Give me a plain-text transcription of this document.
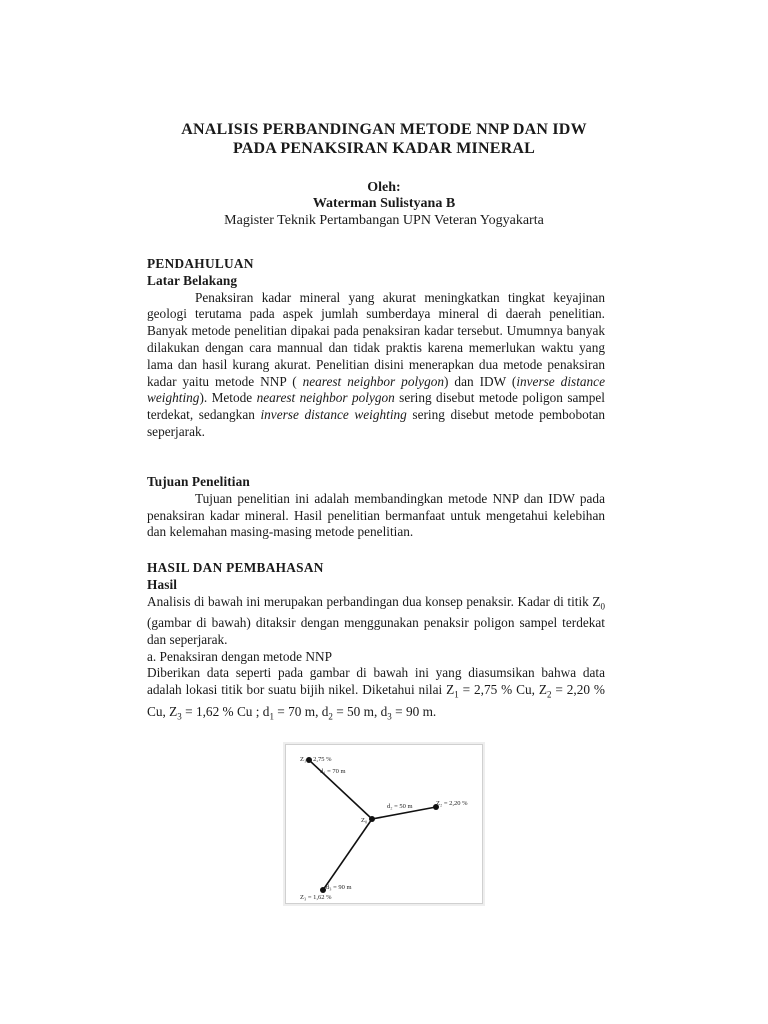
ANALISIS PERBANDINGAN METODE NNP DAN IDW
PADA PENAKSIRAN KADAR MINERAL
Oleh:
Waterman Sulistyana B
Magister Teknik Pertambangan UPN Veteran Yogyakarta

PENDAHULUAN

Latar Belakang

Penaksiran kadar mineral yang akurat meningkatkan tingkat keyajinan geologi terutama pada aspek jumlah sumberdaya mineral di daerah penelitian. Banyak metode penelitian dipakai pada penaksiran kadar tersebut. Umumnya banyak dilakukan dengan cara mannual dan tidak praktis karena memerlukan waktu yang lama dan hasil kurang akurat. Penelitian disini menerapkan dua metode penaksiran kadar yaitu metode NNP ( nearest neighbor polygon) dan IDW (inverse distance weighting). Metode nearest neighbor polygon sering disebut metode poligon sampel terdekat, sedangkan inverse distance weighting sering disebut metode pembobotan seperjarak.

Tujuan Penelitian

Tujuan penelitian ini adalah membandingkan metode NNP dan IDW pada penaksiran kadar mineral. Hasil penelitian bermanfaat untuk mengetahui kelebihan dan kelemahan masing-masing metode penelitian.

HASIL DAN PEMBAHASAN

Hasil

Analisis di bawah ini merupakan perbandingan dua konsep penaksir. Kadar di titik $Z_0$ (gambar di bawah) ditaksir dengan menggunakan penaksir poligon sampel terdekat dan seperjarak.

a. Penaksiran dengan metode NNP

Diberikan data seperti pada gambar di bawah ini yang diasumsikan bahwa data adalah lokasi titik bor suatu bijih nikel. Diketahui nilai $Z_1 = 2,75$ % Cu, $Z_2 = 2,20$ % Cu, $Z_3 = 1,62$ % Cu ; $d_1 = 70$ m, $d_2 = 50$ m, $d_3 = 90$ m.

Z₁ = 2,75 %
d₁ = 70 m
Z₂ = 2,20 %
d₂ = 50 m
Z₀
d₃ = 90 m
Z₃ = 1,62 %
